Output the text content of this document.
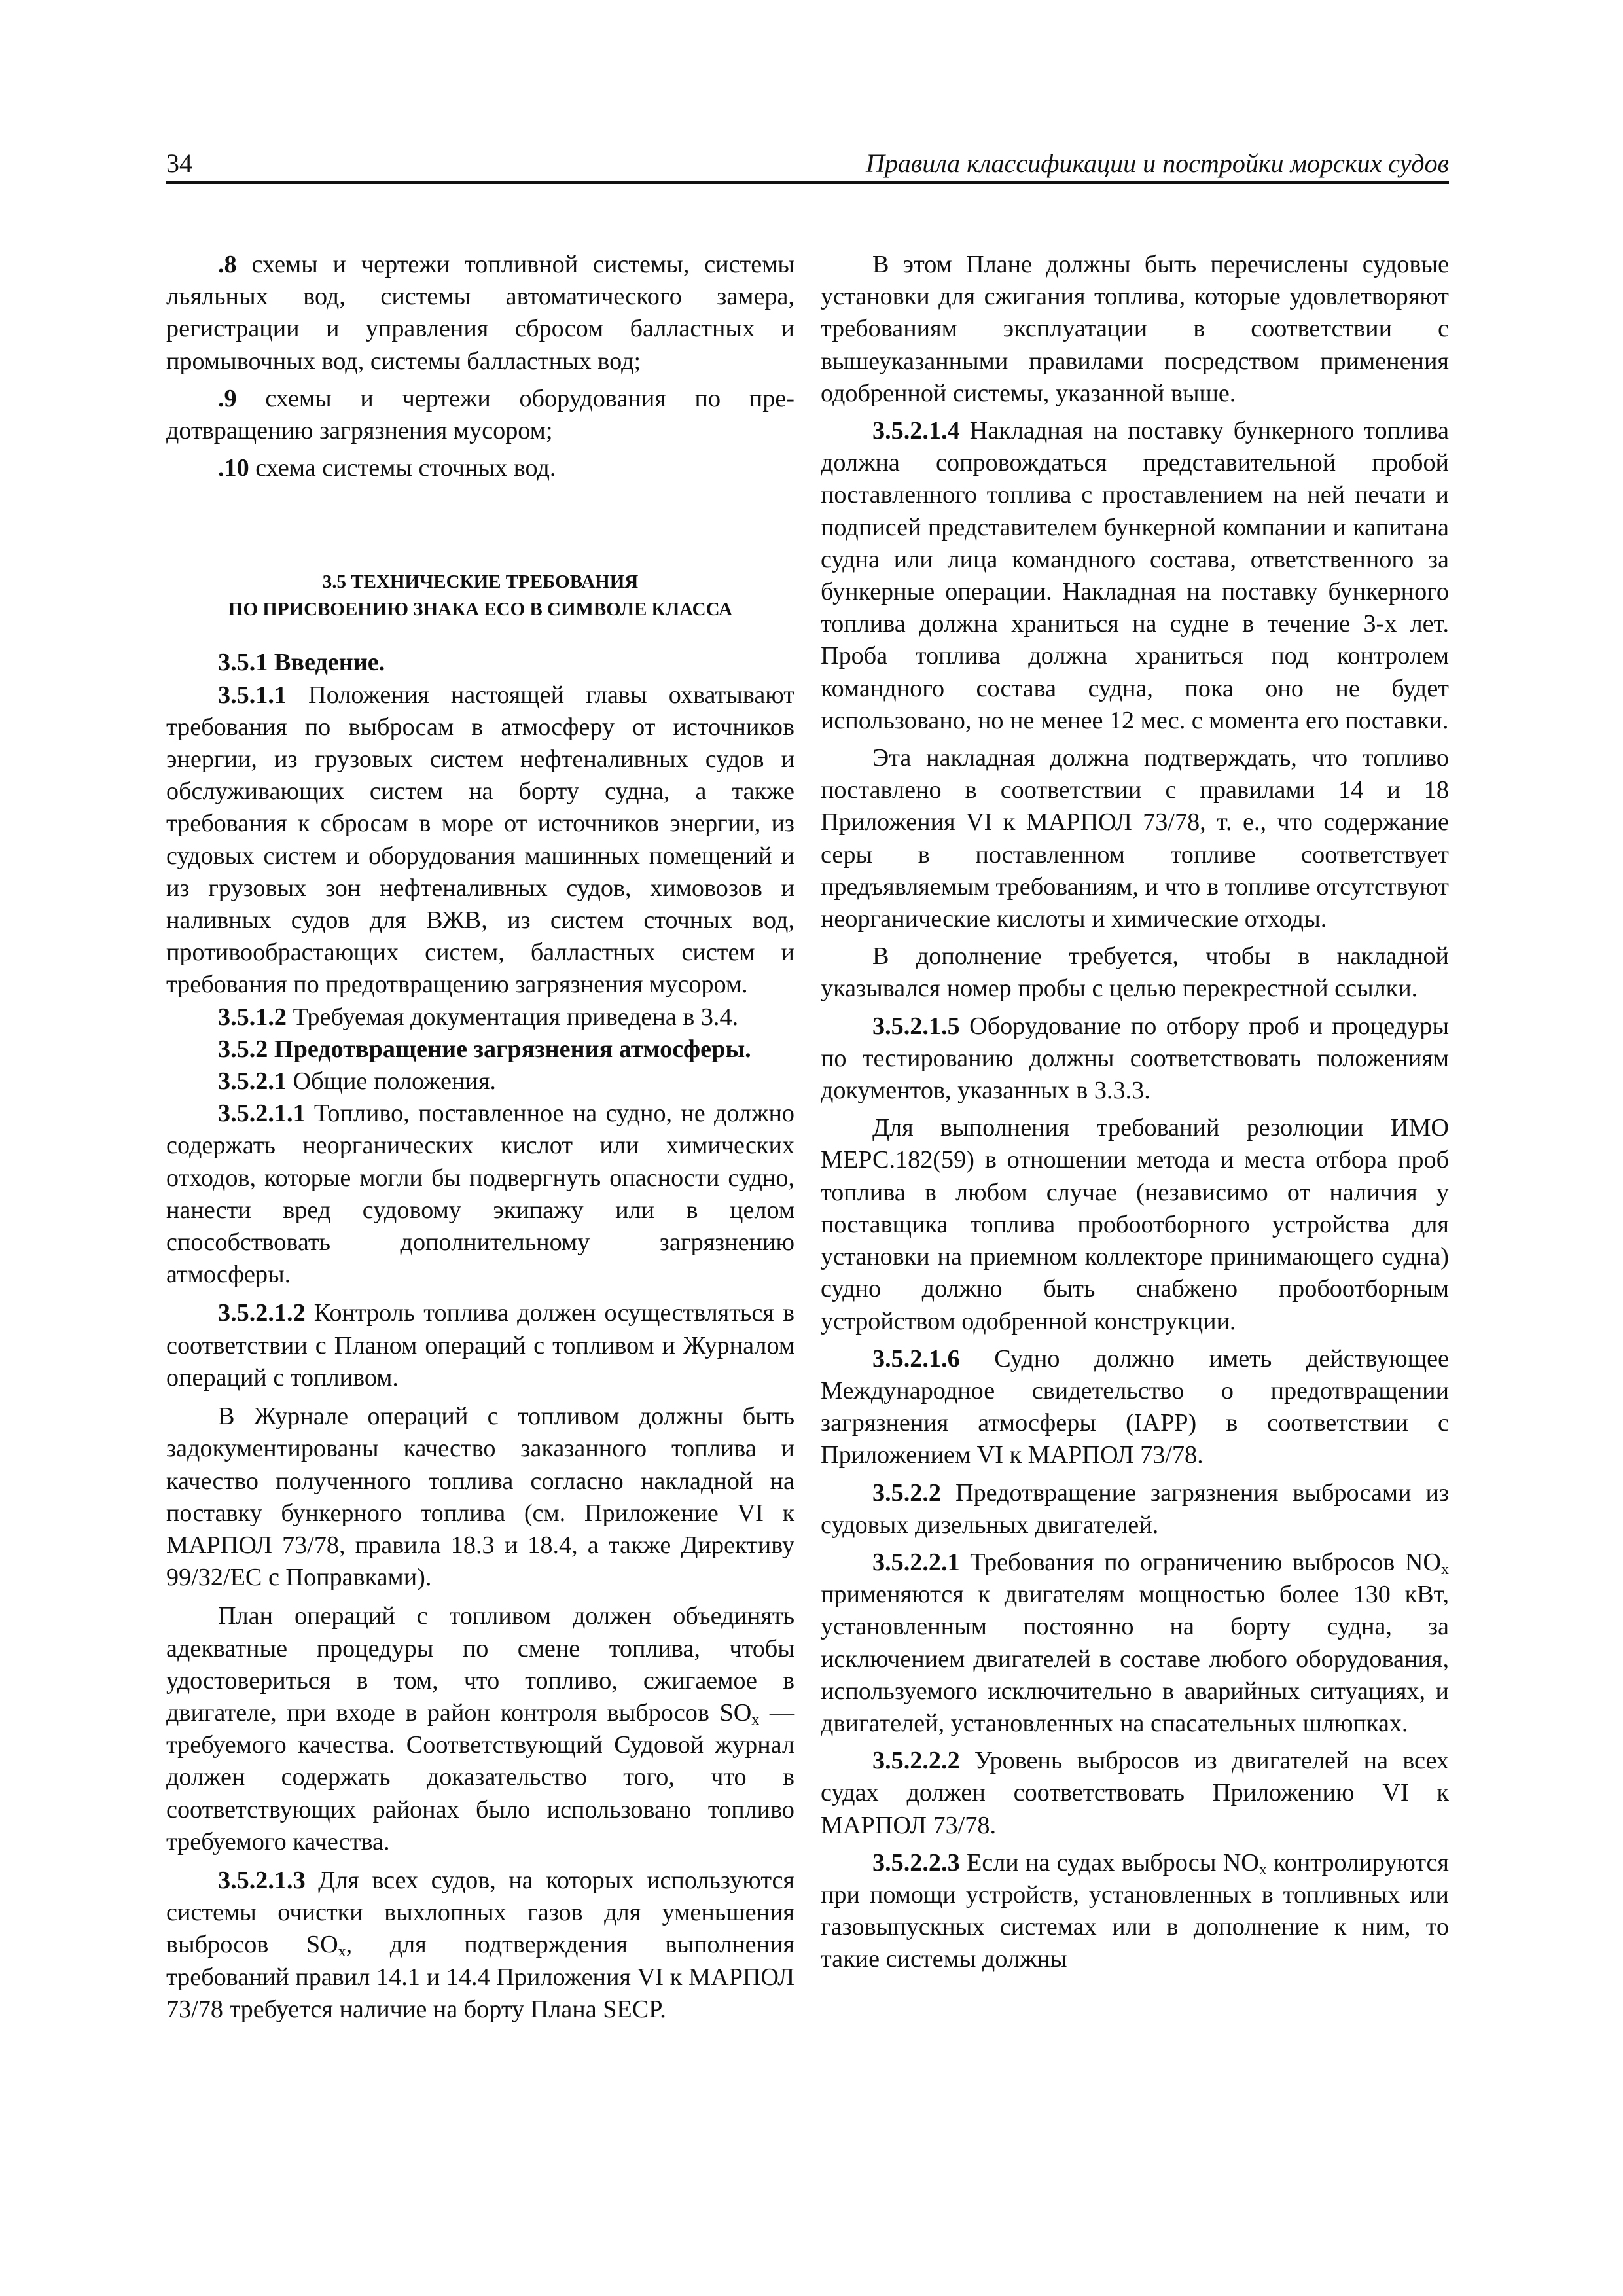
34	Правила классификации и постройки морских судов

.8 схемы и чертежи топливной системы, системы льяльных вод, системы автоматического замера, регистрации и управления сбросом балластных и промывочных вод, системы балластных вод;

.9 схемы и чертежи оборудования по предотвращению загрязнения мусором;

.10 схема системы сточных вод.

3.5 ТЕХНИЧЕСКИЕ ТРЕБОВАНИЯ
ПО ПРИСВОЕНИЮ ЗНАКА ECO В СИМВОЛЕ КЛАССА

3.5.1 Введение.

3.5.1.1 Положения настоящей главы охватывают требования по выбросам в атмосферу от источников энергии, из грузовых систем нефтеналивных судов и обслуживающих систем на борту судна, а также требования к сбросам в море от источников энергии, из судовых систем и оборудования машинных помещений и из грузовых зон нефтеналивных судов, химовозов и наливных судов для ВЖВ, из систем сточных вод, противообрастающих систем, балластных систем и требования по предотвращению загрязнения мусором.

3.5.1.2 Требуемая документация приведена в 3.4.

3.5.2 Предотвращение загрязнения атмосферы.

3.5.2.1 Общие положения.

3.5.2.1.1 Топливо, поставленное на судно, не должно содержать неорганических кислот или химических отходов, которые могли бы подвергнуть опасности судно, нанести вред судовому экипажу или в целом способствовать дополнительному загрязнению атмосферы.

3.5.2.1.2 Контроль топлива должен осуществляться в соответствии с Планом операций с топливом и Журналом операций с топливом.

В Журнале операций с топливом должны быть задокументированы качество заказанного топлива и качество полученного топлива согласно накладной на поставку бункерного топлива (см. Приложение VI к МАРПОЛ 73/78, правила 18.3 и 18.4, а также Директиву 99/32/ЕС с Поправками).

План операций с топливом должен объединять адекватные процедуры по смене топлива, чтобы удостовериться в том, что топливо, сжигаемое в двигателе, при входе в район контроля выбросов $SO_x$ — требуемого качества. Соответствующий Судовой журнал должен содержать доказательство того, что в соответствующих районах было использовано топливо требуемого качества.

3.5.2.1.3 Для всех судов, на которых используются системы очистки выхлопных газов для уменьшения выбросов $SO_x$, для подтверждения выполнения требований правил 14.1 и 14.4 Приложения VI к МАРПОЛ 73/78 требуется наличие на борту Плана SECP.

В этом Плане должны быть перечислены судовые установки для сжигания топлива, которые удовлетворяют требованиям эксплуатации в соответствии с вышеуказанными правилами посредством применения одобренной системы, указанной выше.

3.5.2.1.4 Накладная на поставку бункерного топлива должна сопровождаться представительной пробой поставленного топлива с проставлением на ней печати и подписей представителем бункерной компании и капитана судна или лица командного состава, ответственного за бункерные операции. Накладная на поставку бункерного топлива должна храниться на судне в течение 3-х лет. Проба топлива должна храниться под контролем командного состава судна, пока оно не будет использовано, но не менее 12 мес. с момента его поставки.

Эта накладная должна подтверждать, что топливо поставлено в соответствии с правилами 14 и 18 Приложения VI к МАРПОЛ 73/78, т. е., что содержание серы в поставленном топливе соответствует предъявляемым требованиям, и что в топливе отсутствуют неорганические кислоты и химические отходы.

В дополнение требуется, чтобы в накладной указывался номер пробы с целью перекрестной ссылки.

3.5.2.1.5 Оборудование по отбору проб и процедуры по тестированию должны соответствовать положениям документов, указанных в 3.3.3.

Для выполнения требований резолюции ИМО МЕРС.182(59) в отношении метода и места отбора проб топлива в любом случае (независимо от наличия у поставщика топлива пробоотборного устройства для установки на приемном коллекторе принимающего судна) судно должно быть снабжено пробоотборным устройством одобренной конструкции.

3.5.2.1.6 Судно должно иметь действующее Международное свидетельство о предотвращении загрязнения атмосферы (IAPP) в соответствии с Приложением VI к МАРПОЛ 73/78.

3.5.2.2 Предотвращение загрязнения выбросами из судовых дизельных двигателей.

3.5.2.2.1 Требования по ограничению выбросов $NO_x$ применяются к двигателям мощностью более 130 кВт, установленным постоянно на борту судна, за исключением двигателей в составе любого оборудования, используемого исключительно в аварийных ситуациях, и двигателей, установленных на спасательных шлюпках.

3.5.2.2.2 Уровень выбросов из двигателей на всех судах должен соответствовать Приложению VI к МАРПОЛ 73/78.

3.5.2.2.3 Если на судах выбросы $NO_x$ контролируются при помощи устройств, установленных в топливных или газовыпускных системах или в дополнение к ним, то такие системы должны
